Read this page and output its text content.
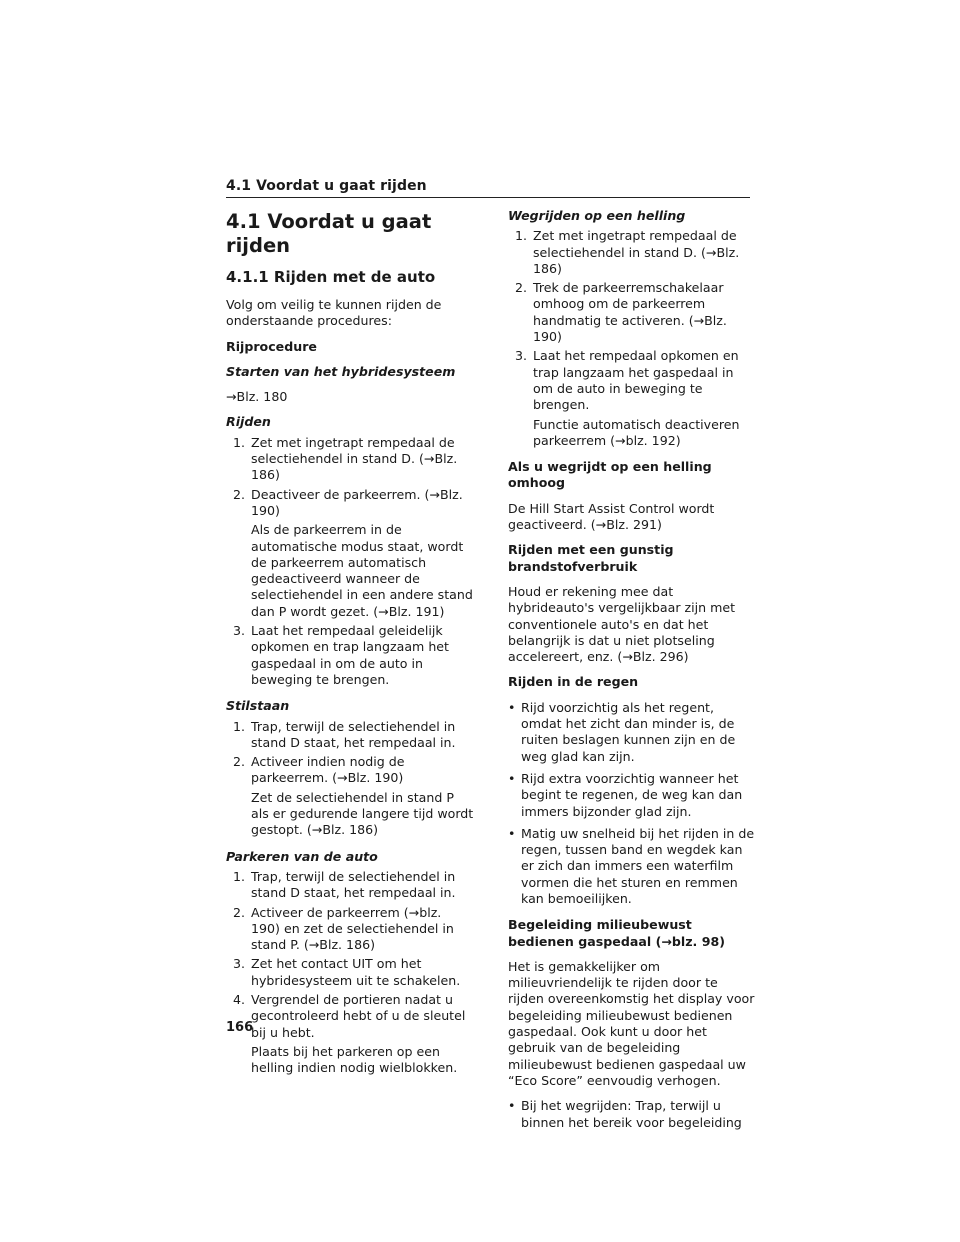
4.1 Voordat u gaat rijden
4.1 Voordat u gaat rijden
4.1.1 Rijden met de auto

Volg om veilig te kunnen rijden de onderstaande procedures:

Rijprocedure

Starten van het hybridesysteem

→Blz. 180

Rijden

1. Zet met ingetrapt rempedaal de selectiehendel in stand D. (→Blz. 186)
2. Deactiveer de parkeerrem. (→Blz. 190)
Als de parkeerrem in de automatische modus staat, wordt de parkeerrem automatisch gedeactiveerd wanneer de selectiehendel in een andere stand dan P wordt gezet. (→Blz. 191)
3. Laat het rempedaal geleidelijk opkomen en trap langzaam het gaspedaal in om de auto in beweging te brengen.

Stilstaan

1. Trap, terwijl de selectiehendel in stand D staat, het rempedaal in.
2. Activeer indien nodig de parkeerrem. (→Blz. 190)
Zet de selectiehendel in stand P als er gedurende langere tijd wordt gestopt. (→Blz. 186)

Parkeren van de auto

1. Trap, terwijl de selectiehendel in stand D staat, het rempedaal in.
2. Activeer de parkeerrem (→blz. 190) en zet de selectiehendel in stand P. (→Blz. 186)
3. Zet het contact UIT om het hybridesysteem uit te schakelen.
4. Vergrendel de portieren nadat u gecontroleerd hebt of u de sleutel bij u hebt.
Plaats bij het parkeren op een helling indien nodig wielblokken.

Wegrijden op een helling

1. Zet met ingetrapt rempedaal de selectiehendel in stand D. (→Blz. 186)
2. Trek de parkeerremschakelaar omhoog om de parkeerrem handmatig te activeren. (→Blz. 190)
3. Laat het rempedaal opkomen en trap langzaam het gaspedaal in om de auto in beweging te brengen.
Functie automatisch deactiveren parkeerrem (→blz. 192)

Als u wegrijdt op een helling omhoog

De Hill Start Assist Control wordt geactiveerd. (→Blz. 291)

Rijden met een gunstig brandstofverbruik

Houd er rekening mee dat hybrideauto's vergelijkbaar zijn met conventionele auto's en dat het belangrijk is dat u niet plotseling accelereert, enz. (→Blz. 296)

Rijden in de regen

• Rijd voorzichtig als het regent, omdat het zicht dan minder is, de ruiten beslagen kunnen zijn en de weg glad kan zijn.
• Rijd extra voorzichtig wanneer het begint te regenen, de weg kan dan immers bijzonder glad zijn.
• Matig uw snelheid bij het rijden in de regen, tussen band en wegdek kan er zich dan immers een waterfilm vormen die het sturen en remmen kan bemoeilijken.

Begeleiding milieubewust bedienen gaspedaal (→blz. 98)

Het is gemakkelijker om milieuvriendelijk te rijden door te rijden overeenkomstig het display voor begeleiding milieubewust bedienen gaspedaal. Ook kunt u door het gebruik van de begeleiding milieubewust bedienen gaspedaal uw “Eco Score” eenvoudig verhogen.

• Bij het wegrijden: Trap, terwijl u binnen het bereik voor begeleiding
166
